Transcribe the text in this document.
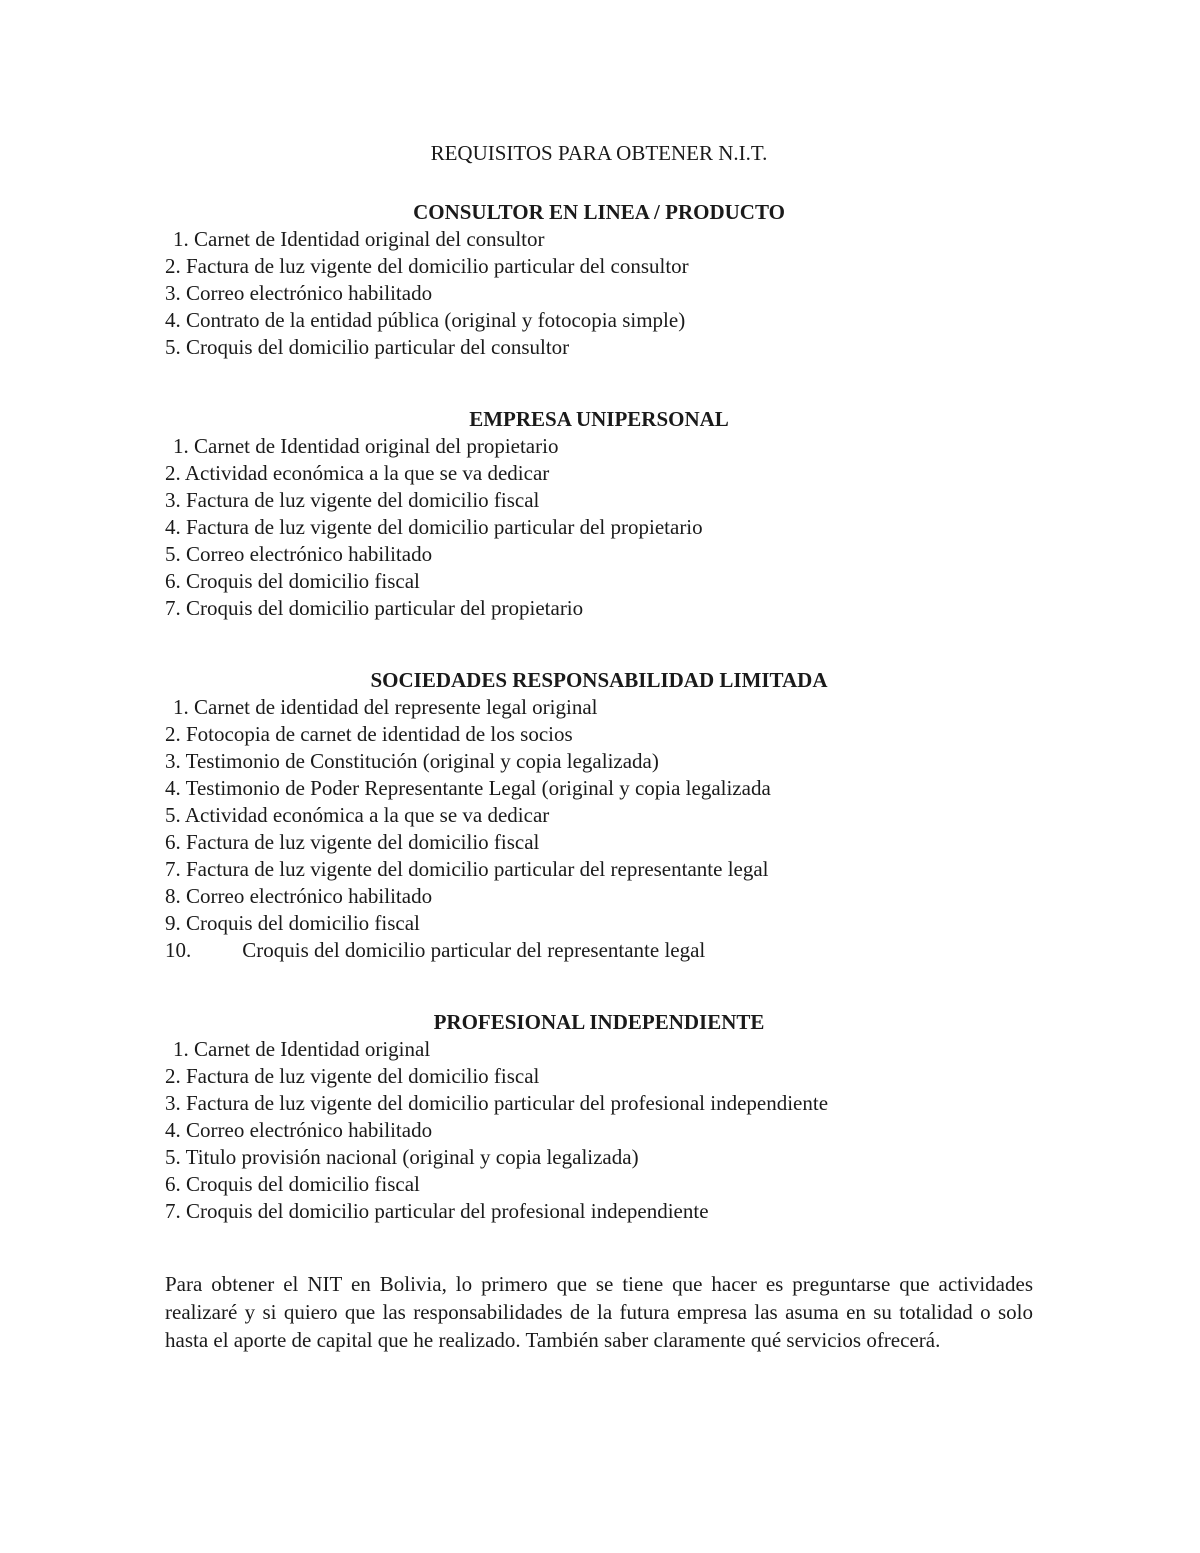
REQUISITOS PARA OBTENER N.I.T.
CONSULTOR EN LINEA / PRODUCTO
1. Carnet de Identidad original del consultor
2. Factura de luz vigente del domicilio particular del consultor
3. Correo electrónico habilitado
4. Contrato de la entidad pública (original y fotocopia simple)
5. Croquis del domicilio particular del consultor
EMPRESA UNIPERSONAL
1. Carnet de Identidad original del propietario
2. Actividad económica a la que se va dedicar
3. Factura de luz vigente del domicilio fiscal
4. Factura de luz vigente del domicilio particular del propietario
5. Correo electrónico habilitado
6. Croquis del domicilio fiscal
7. Croquis del domicilio particular del propietario
SOCIEDADES RESPONSABILIDAD LIMITADA
1. Carnet de identidad del represente legal original
2. Fotocopia de carnet de identidad de los socios
3. Testimonio de Constitución (original y copia legalizada)
4. Testimonio de Poder Representante Legal (original y copia legalizada
5. Actividad económica a la que se va dedicar
6. Factura de luz vigente del domicilio fiscal
7. Factura de luz vigente del domicilio particular del representante legal
8. Correo electrónico habilitado
9. Croquis del domicilio fiscal
10. Croquis del domicilio particular del representante legal
PROFESIONAL INDEPENDIENTE
1. Carnet de Identidad original
2. Factura de luz vigente del domicilio fiscal
3. Factura de luz vigente del domicilio particular del profesional independiente
4. Correo electrónico habilitado
5. Titulo provisión nacional (original y copia legalizada)
6. Croquis del domicilio fiscal
7. Croquis del domicilio particular del profesional independiente

Para obtener el NIT en Bolivia, lo primero que se tiene que hacer es preguntarse que actividades realizaré y si quiero que las responsabilidades de la futura empresa las asuma en su totalidad o solo hasta el aporte de capital que he realizado. También saber claramente qué servicios ofrecerá.
